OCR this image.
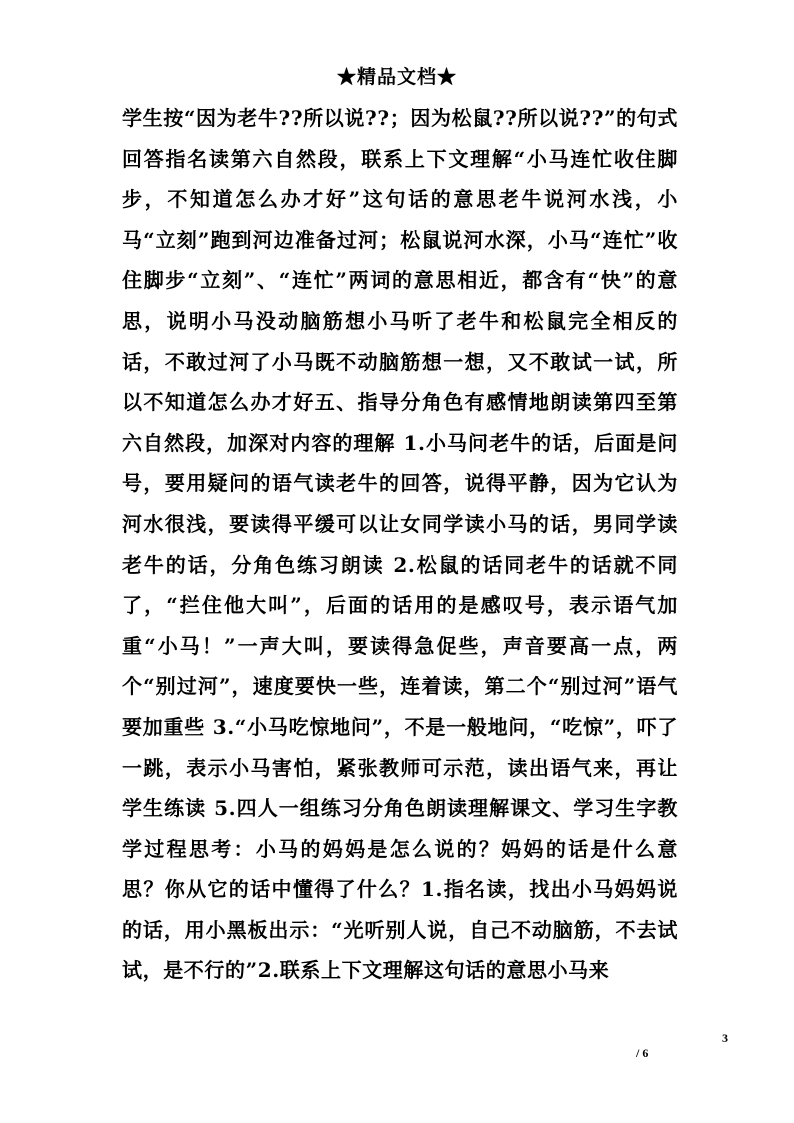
★精品文档★
学生按“因为老牛??所以说??；因为松鼠??所以说??”的句式回答指名读第六自然段，联系上下文理解“小马连忙收住脚步，不知道怎么办才好”这句话的意思老牛说河水浅，小马“立刻”跑到河边准备过河；松鼠说河水深，小马“连忙”收住脚步“立刻”、“连忙”两词的意思相近，都含有“快”的意思，说明小马没动脑筋想小马听了老牛和松鼠完全相反的话，不敢过河了小马既不动脑筋想一想，又不敢试一试，所以不知道怎么办才好五、指导分角色有感情地朗读第四至第六自然段，加深对内容的理解 1.小马问老牛的话，后面是问号，要用疑问的语气读老牛的回答，说得平静，因为它认为河水很浅，要读得平缓可以让女同学读小马的话，男同学读老牛的话，分角色练习朗读 2.松鼠的话同老牛的话就不同了，“拦住他大叫”，后面的话用的是感叹号，表示语气加重“小马！”一声大叫，要读得急促些，声音要高一点，两个“别过河”，速度要快一些，连着读，第二个“别过河”语气要加重些 3.“小马吃惊地问”，不是一般地问，“吃惊”，吓了一跳，表示小马害怕，紧张教师可示范，读出语气来，再让学生练读 5.四人一组练习分角色朗读理解课文、学习生字教学过程思考：小马的妈妈是怎么说的？妈妈的话是什么意思？你从它的话中懂得了什么？1.指名读，找出小马妈妈说的话，用小黑板出示：“光听别人说，自己不动脑筋，不去试试，是不行的”2.联系上下文理解这句话的意思小马来
3
/ 6
